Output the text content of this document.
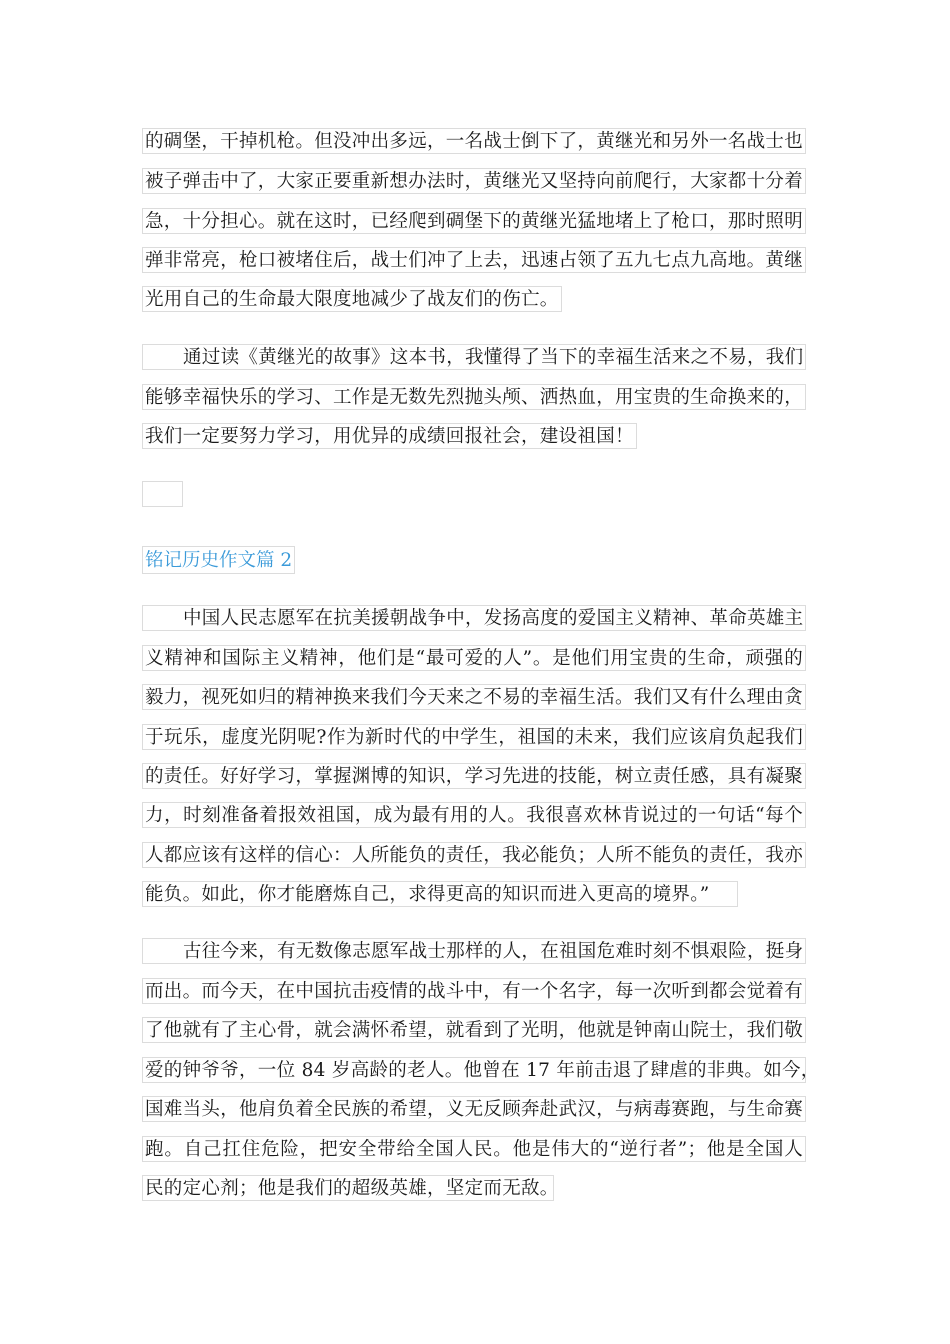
的碉堡，干掉机枪。但没冲出多远，一名战士倒下了，黄继光和另外一名战士也
被子弹击中了，大家正要重新想办法时，黄继光又坚持向前爬行，大家都十分着
急，十分担心。就在这时，已经爬到碉堡下的黄继光猛地堵上了枪口，那时照明
弹非常亮，枪口被堵住后，战士们冲了上去，迅速占领了五九七点九高地。黄继
光用自己的生命最大限度地减少了战友们的伤亡。
通过读《黄继光的故事》这本书，我懂得了当下的幸福生活来之不易，我们
能够幸福快乐的学习、工作是无数先烈抛头颅、洒热血，用宝贵的生命换来的，
我们一定要努力学习，用优异的成绩回报社会，建设祖国！
铭记历史作文篇 2
中国人民志愿军在抗美援朝战争中，发扬高度的爱国主义精神、革命英雄主
义精神和国际主义精神，他们是“最可爱的人”。是他们用宝贵的生命，顽强的
毅力，视死如归的精神换来我们今天来之不易的幸福生活。我们又有什么理由贪
于玩乐，虚度光阴呢?作为新时代的中学生，祖国的未来，我们应该肩负起我们
的责任。好好学习，掌握渊博的知识，学习先进的技能，树立责任感，具有凝聚
力，时刻准备着报效祖国，成为最有用的人。我很喜欢林肯说过的一句话“每个
人都应该有这样的信心：人所能负的责任，我必能负；人所不能负的责任，我亦
能负。如此，你才能磨炼自己，求得更高的知识而进入更高的境界。”
古往今来，有无数像志愿军战士那样的人，在祖国危难时刻不惧艰险，挺身
而出。而今天，在中国抗击疫情的战斗中，有一个名字，每一次听到都会觉着有
了他就有了主心骨，就会满怀希望，就看到了光明，他就是钟南山院士，我们敬
爱的钟爷爷，一位 84 岁高龄的老人。他曾在 17 年前击退了肆虐的非典。如今，
国难当头，他肩负着全民族的希望，义无反顾奔赴武汉，与病毒赛跑，与生命赛
跑。自己扛住危险，把安全带给全国人民。他是伟大的“逆行者”；他是全国人
民的定心剂；他是我们的超级英雄，坚定而无敌。
